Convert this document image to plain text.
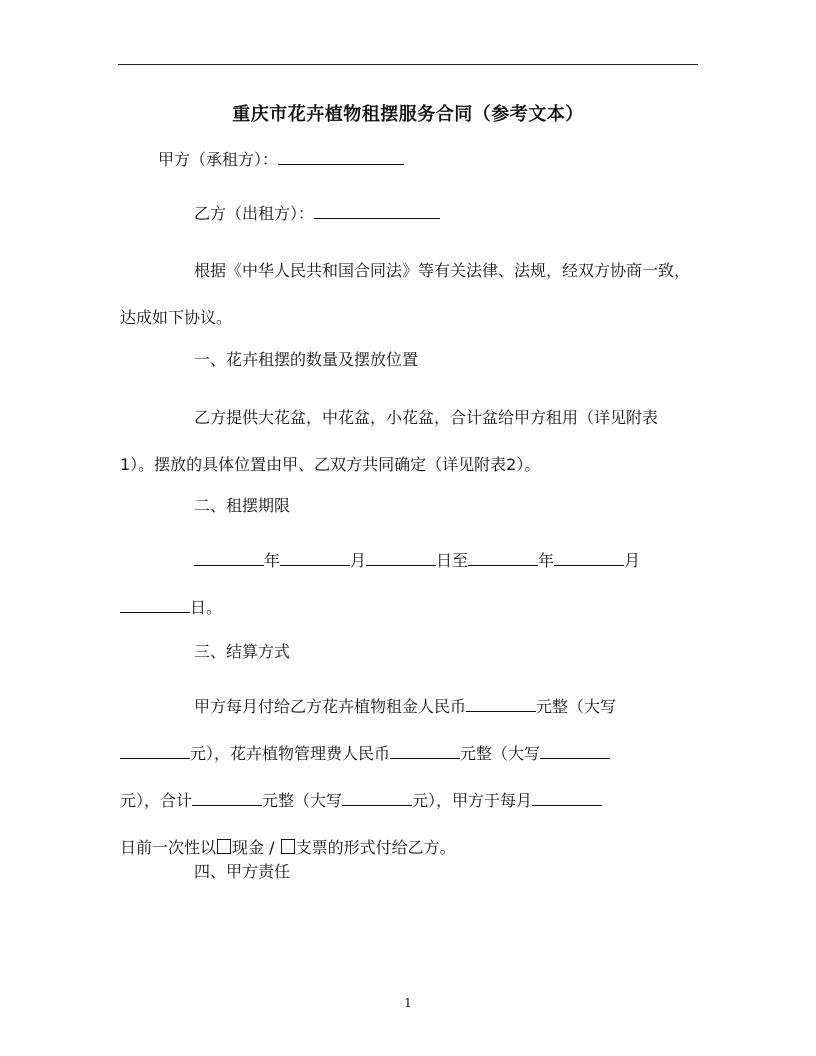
重庆市花卉植物租摆服务合同（参考文本）
甲方（承租方）：
乙方（出租方）：
根据《中华人民共和国合同法》等有关法律、法规，经双方协商一致，达成如下协议。
一、花卉租摆的数量及摆放位置
乙方提供大花盆，中花盆，小花盆，合计盆给甲方租用（详见附表1）。摆放的具体位置由甲、乙双方共同确定（详见附表2）。
二、租摆期限
年	月	日至	年	月
日。
三、结算方式
甲方每月付给乙方花卉植物租金人民币	元整（大写
元），花卉植物管理费人民币	元整（大写
元），合计	元整（大写	元），甲方于每月
日前一次性以 现金 / 支票的形式付给乙方。
四、甲方责任
1
